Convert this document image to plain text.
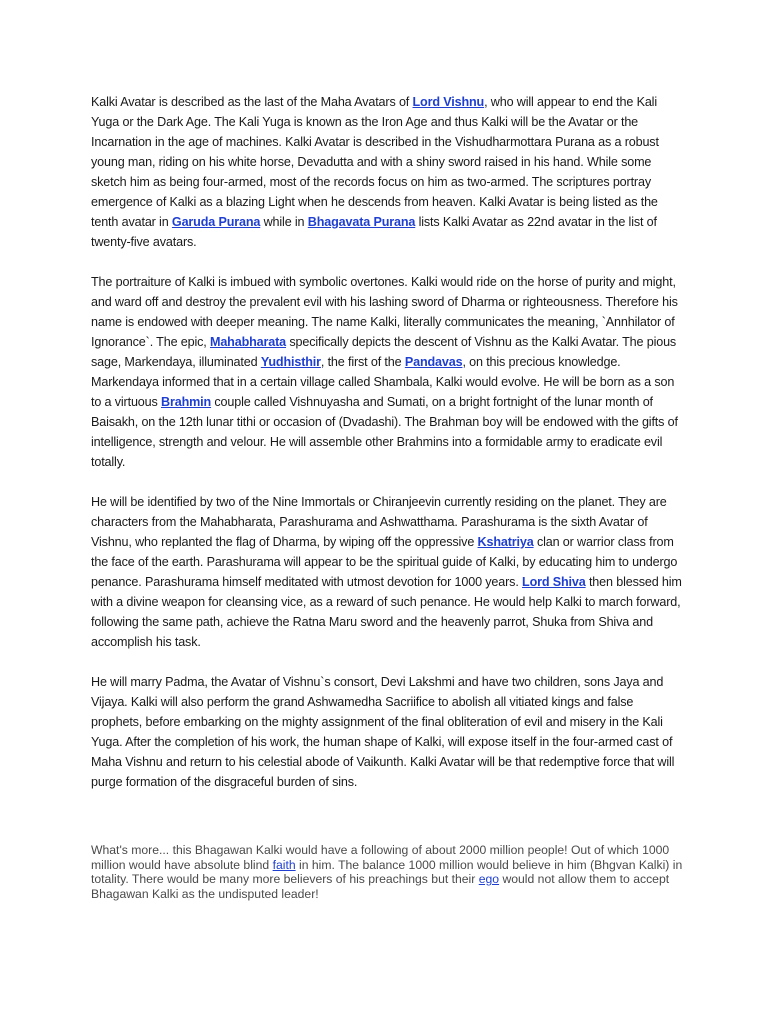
Kalki Avatar is described as the last of the Maha Avatars of Lord Vishnu, who will appear to end the Kali Yuga or the Dark Age. The Kali Yuga is known as the Iron Age and thus Kalki will be the Avatar or the Incarnation in the age of machines. Kalki Avatar is described in the Vishudharmottara Purana as a robust young man, riding on his white horse, Devadutta and with a shiny sword raised in his hand. While some sketch him as being four-armed, most of the records focus on him as two-armed. The scriptures portray emergence of Kalki as a blazing Light when he descends from heaven. Kalki Avatar is being listed as the tenth avatar in Garuda Purana while in Bhagavata Purana lists Kalki Avatar as 22nd avatar in the list of twenty-five avatars.

The portraiture of Kalki is imbued with symbolic overtones. Kalki would ride on the horse of purity and might, and ward off and destroy the prevalent evil with his lashing sword of Dharma or righteousness. Therefore his name is endowed with deeper meaning. The name Kalki, literally communicates the meaning, `Annhilator of Ignorance`. The epic, Mahabharata specifically depicts the descent of Vishnu as the Kalki Avatar. The pious sage, Markendaya, illuminated Yudhisthir, the first of the Pandavas, on this precious knowledge. Markendaya informed that in a certain village called Shambala, Kalki would evolve. He will be born as a son to a virtuous Brahmin couple called Vishnuyasha and Sumati, on a bright fortnight of the lunar month of Baisakh, on the 12th lunar tithi or occasion of (Dvadashi). The Brahman boy will be endowed with the gifts of intelligence, strength and velour. He will assemble other Brahmins into a formidable army to eradicate evil totally.

He will be identified by two of the Nine Immortals or Chiranjeevin currently residing on the planet. They are characters from the Mahabharata, Parashurama and Ashwatthama. Parashurama is the sixth Avatar of Vishnu, who replanted the flag of Dharma, by wiping off the oppressive Kshatriya clan or warrior class from the face of the earth. Parashurama will appear to be the spiritual guide of Kalki, by educating him to undergo penance. Parashurama himself meditated with utmost devotion for 1000 years. Lord Shiva then blessed him with a divine weapon for cleansing vice, as a reward of such penance. He would help Kalki to march forward, following the same path, achieve the Ratna Maru sword and the heavenly parrot, Shuka from Shiva and accomplish his task.

He will marry Padma, the Avatar of Vishnu`s consort, Devi Lakshmi and have two children, sons Jaya and Vijaya. Kalki will also perform the grand Ashwamedha Sacriifice to abolish all vitiated kings and false prophets, before embarking on the mighty assignment of the final obliteration of evil and misery in the Kali Yuga. After the completion of his work, the human shape of Kalki, will expose itself in the four-armed cast of Maha Vishnu and return to his celestial abode of Vaikunth. Kalki Avatar will be that redemptive force that will purge formation of the disgraceful burden of sins.

What's more... this Bhagawan Kalki would have a following of about 2000 million people! Out of which 1000 million would have absolute blind faith in him. The balance 1000 million would believe in him (Bhgvan Kalki) in totality. There would be many more believers of his preachings but their ego would not allow them to accept Bhagawan Kalki as the undisputed leader!
